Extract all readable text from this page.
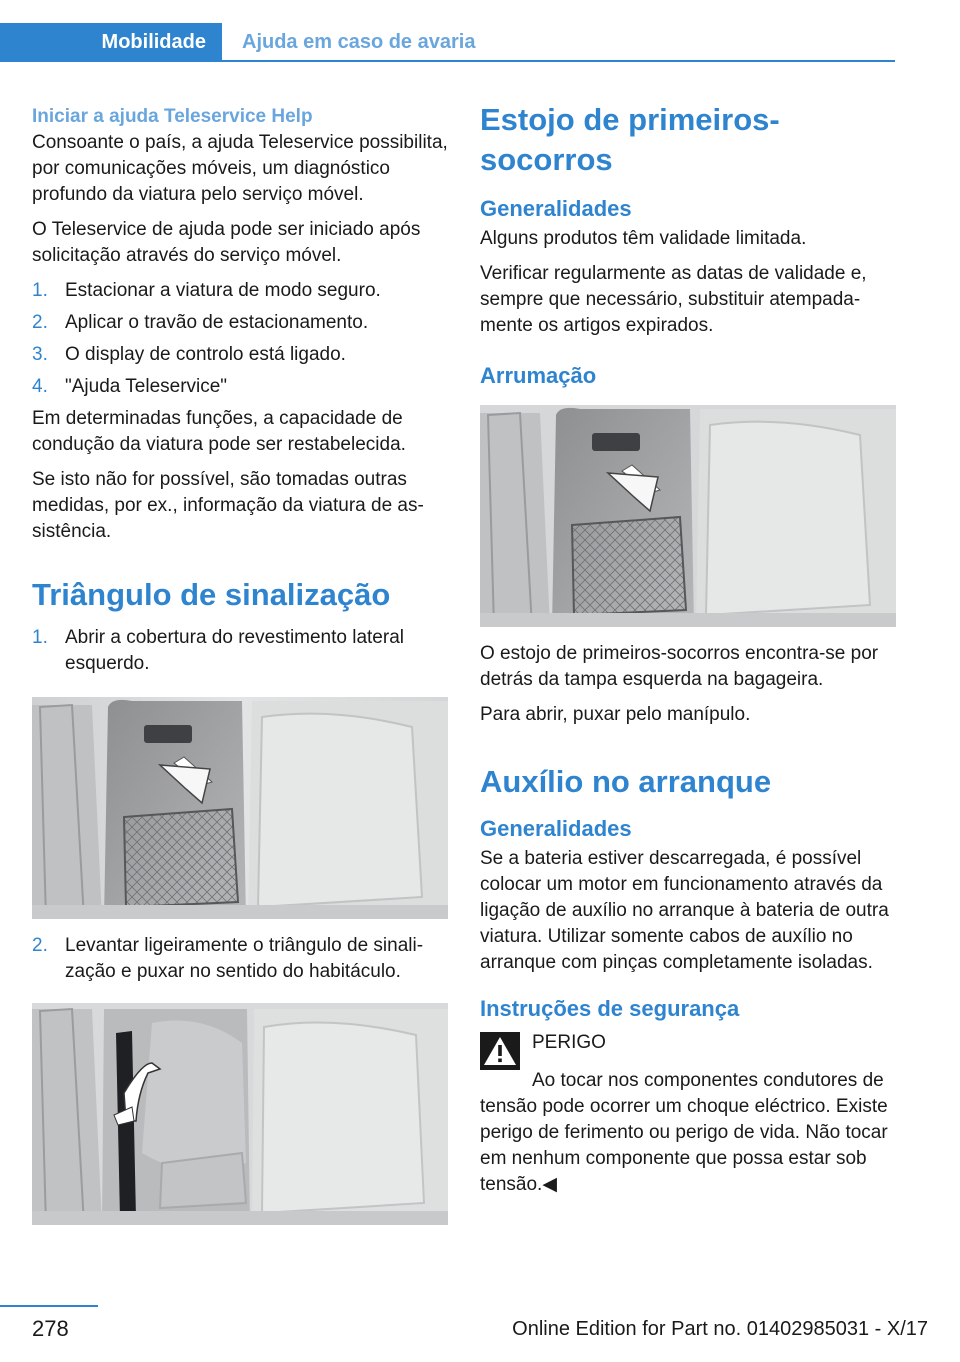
Mobilidade	Ajuda em caso de avaria
Iniciar a ajuda Teleservice Help

Consoante o país, a ajuda Teleservice possibilita, por comunicações móveis, um diagnóstico profundo da viatura pelo serviço móvel.

O Teleservice de ajuda pode ser iniciado após solicitação através do serviço móvel.

1. Estacionar a viatura de modo seguro.
2. Aplicar o travão de estacionamento.
3. O display de controlo está ligado.
4. "Ajuda Teleservice"

Em determinadas funções, a capacidade de condução da viatura pode ser restabelecida.

Se isto não for possível, são tomadas outras medidas, por ex., informação da viatura de assistência.

Triângulo de sinalização
1. Abrir a cobertura do revestimento lateral esquerdo.
2. Levantar ligeiramente o triângulo de sinalização e puxar no sentido do habitáculo.
Estojo de primeiros-socorros
Generalidades

Alguns produtos têm validade limitada.

Verificar regularmente as datas de validade e, sempre que necessário, substituir atempadamente os artigos expirados.

Arrumação

O estojo de primeiros-socorros encontra-se por detrás da tampa esquerda na bagageira.

Para abrir, puxar pelo manípulo.

Auxílio no arranque
Generalidades

Se a bateria estiver descarregada, é possível colocar um motor em funcionamento através da ligação de auxílio no arranque à bateria de outra viatura. Utilizar somente cabos de auxílio no arranque com pinças completamente isoladas.

Instruções de segurança

PERIGO

Ao tocar nos componentes condutores de tensão pode ocorrer um choque eléctrico. Existe perigo de ferimento ou perigo de vida. Não tocar em nenhum componente que possa estar sob tensão.◀

278	Online Edition for Part no. 01402985031 - X/17
